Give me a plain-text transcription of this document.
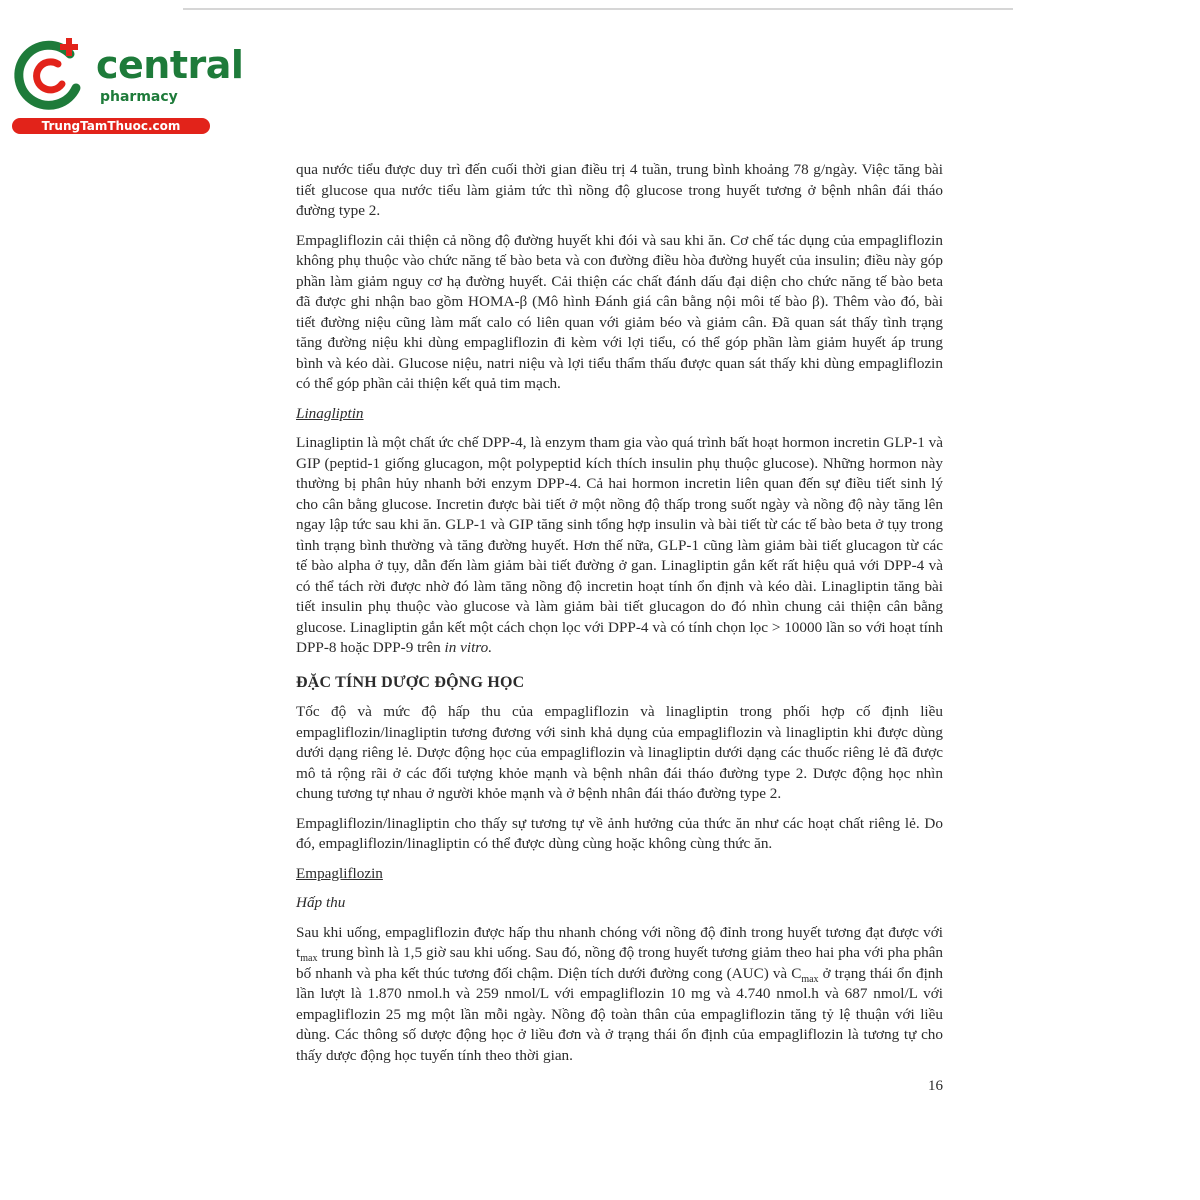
central
pharmacy
TrungTamThuoc.com

qua nước tiểu được duy trì đến cuối thời gian điều trị 4 tuần, trung bình khoảng 78 g/ngày. Việc tăng bài tiết glucose qua nước tiểu làm giảm tức thì nồng độ glucose trong huyết tương ở bệnh nhân đái tháo đường type 2.

Empagliflozin cải thiện cả nồng độ đường huyết khi đói và sau khi ăn. Cơ chế tác dụng của empagliflozin không phụ thuộc vào chức năng tế bào beta và con đường điều hòa đường huyết của insulin; điều này góp phần làm giảm nguy cơ hạ đường huyết. Cải thiện các chất đánh dấu đại diện cho chức năng tế bào beta đã được ghi nhận bao gồm HOMA-β (Mô hình Đánh giá cân bằng nội môi tế bào β). Thêm vào đó, bài tiết đường niệu cũng làm mất calo có liên quan với giảm béo và giảm cân. Đã quan sát thấy tình trạng tăng đường niệu khi dùng empagliflozin đi kèm với lợi tiểu, có thể góp phần làm giảm huyết áp trung bình và kéo dài. Glucose niệu, natri niệu và lợi tiểu thẩm thấu được quan sát thấy khi dùng empagliflozin có thể góp phần cải thiện kết quả tim mạch.

Linagliptin

Linagliptin là một chất ức chế DPP-4, là enzym tham gia vào quá trình bất hoạt hormon incretin GLP-1 và GIP (peptid-1 giống glucagon, một polypeptid kích thích insulin phụ thuộc glucose). Những hormon này thường bị phân hủy nhanh bởi enzym DPP-4. Cả hai hormon incretin liên quan đến sự điều tiết sinh lý cho cân bằng glucose. Incretin được bài tiết ở một nồng độ thấp trong suốt ngày và nồng độ này tăng lên ngay lập tức sau khi ăn. GLP-1 và GIP tăng sinh tổng hợp insulin và bài tiết từ các tế bào beta ở tụy trong tình trạng bình thường và tăng đường huyết. Hơn thế nữa, GLP-1 cũng làm giảm bài tiết glucagon từ các tế bào alpha ở tụy, dẫn đến làm giảm bài tiết đường ở gan. Linagliptin gắn kết rất hiệu quả với DPP-4 và có thể tách rời được nhờ đó làm tăng nồng độ incretin hoạt tính ổn định và kéo dài. Linagliptin tăng bài tiết insulin phụ thuộc vào glucose và làm giảm bài tiết glucagon do đó nhìn chung cải thiện cân bằng glucose. Linagliptin gắn kết một cách chọn lọc với DPP-4 và có tính chọn lọc > 10000 lần so với hoạt tính DPP-8 hoặc DPP-9 trên in vitro.

ĐẶC TÍNH DƯỢC ĐỘNG HỌC

Tốc độ và mức độ hấp thu của empagliflozin và linagliptin trong phối hợp cố định liều empagliflozin/linagliptin tương đương với sinh khả dụng của empagliflozin và linagliptin khi được dùng dưới dạng riêng lẻ. Dược động học của empagliflozin và linagliptin dưới dạng các thuốc riêng lẻ đã được mô tả rộng rãi ở các đối tượng khỏe mạnh và bệnh nhân đái tháo đường type 2. Dược động học nhìn chung tương tự nhau ở người khỏe mạnh và ở bệnh nhân đái tháo đường type 2.

Empagliflozin/linagliptin cho thấy sự tương tự về ảnh hưởng của thức ăn như các hoạt chất riêng lẻ. Do đó, empagliflozin/linagliptin có thể được dùng cùng hoặc không cùng thức ăn.

Empagliflozin
Hấp thu

Sau khi uống, empagliflozin được hấp thu nhanh chóng với nồng độ đỉnh trong huyết tương đạt được với $t_{max}$ trung bình là 1,5 giờ sau khi uống. Sau đó, nồng độ trong huyết tương giảm theo hai pha với pha phân bố nhanh và pha kết thúc tương đối chậm. Diện tích dưới đường cong (AUC) và $C_{max}$ ở trạng thái ổn định lần lượt là 1.870 nmol.h và 259 nmol/L với empagliflozin 10 mg và 4.740 nmol.h và 687 nmol/L với empagliflozin 25 mg một lần mỗi ngày. Nồng độ toàn thân của empagliflozin tăng tỷ lệ thuận với liều dùng. Các thông số dược động học ở liều đơn và ở trạng thái ổn định của empagliflozin là tương tự cho thấy dược động học tuyến tính theo thời gian.

16
